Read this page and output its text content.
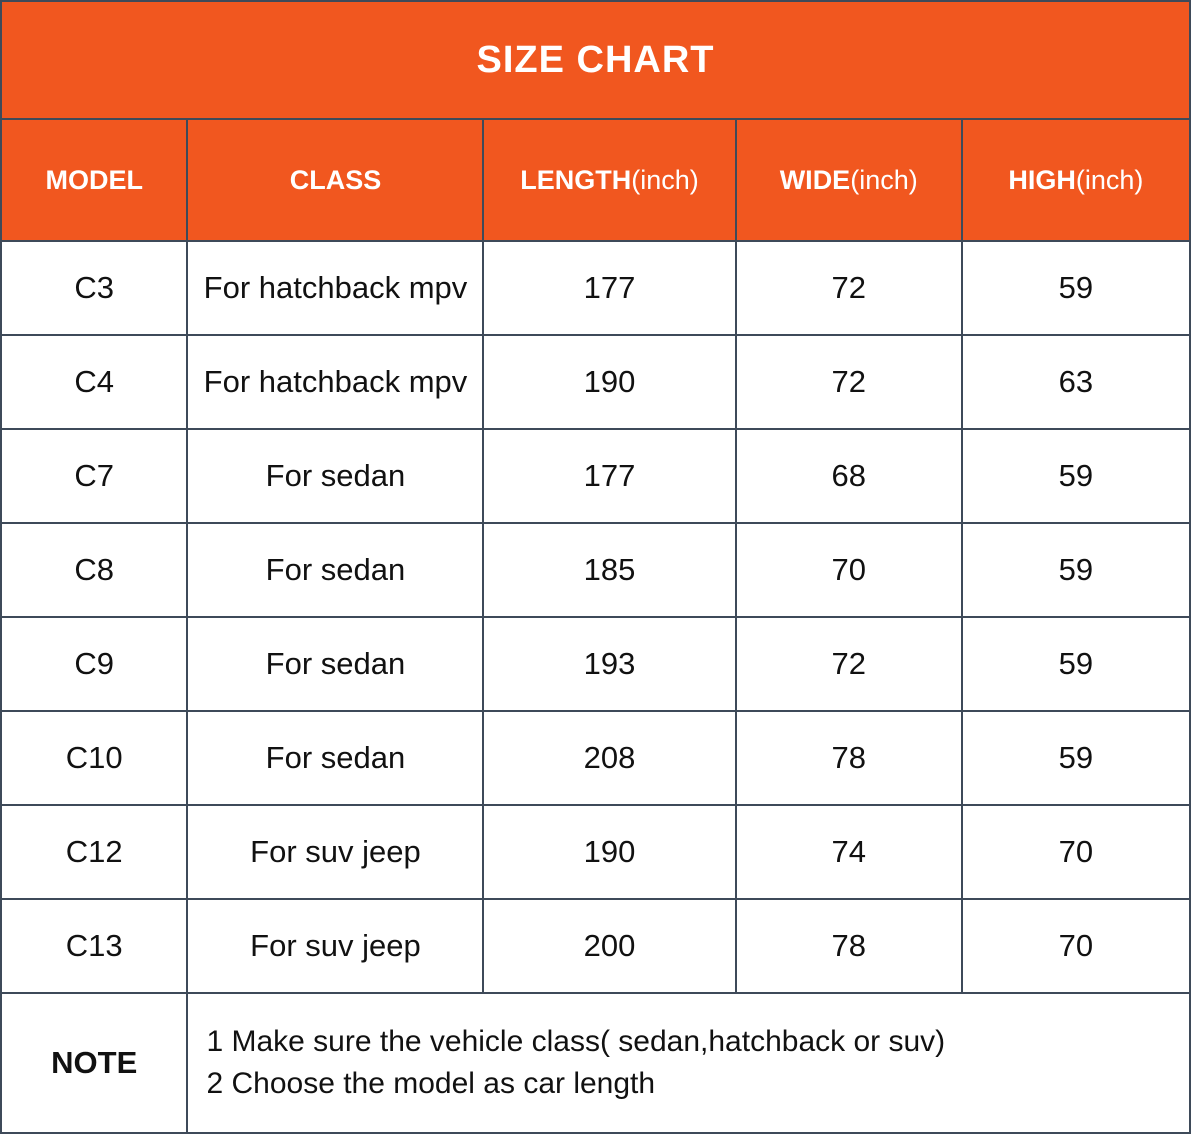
SIZE CHART
MODEL	CLASS	LENGTH (inch)	WIDE (inch)	HIGH (inch)
C3	For hatchback mpv	177	72	59
C4	For hatchback mpv	190	72	63
C7	For sedan	177	68	59
C8	For sedan	185	70	59
C9	For sedan	193	72	59
C10	For sedan	208	78	59
C12	For suv jeep	190	74	70
C13	For suv jeep	200	78	70
NOTE
1 Make sure the vehicle class( sedan,hatchback or suv)
2 Choose the model as car length
